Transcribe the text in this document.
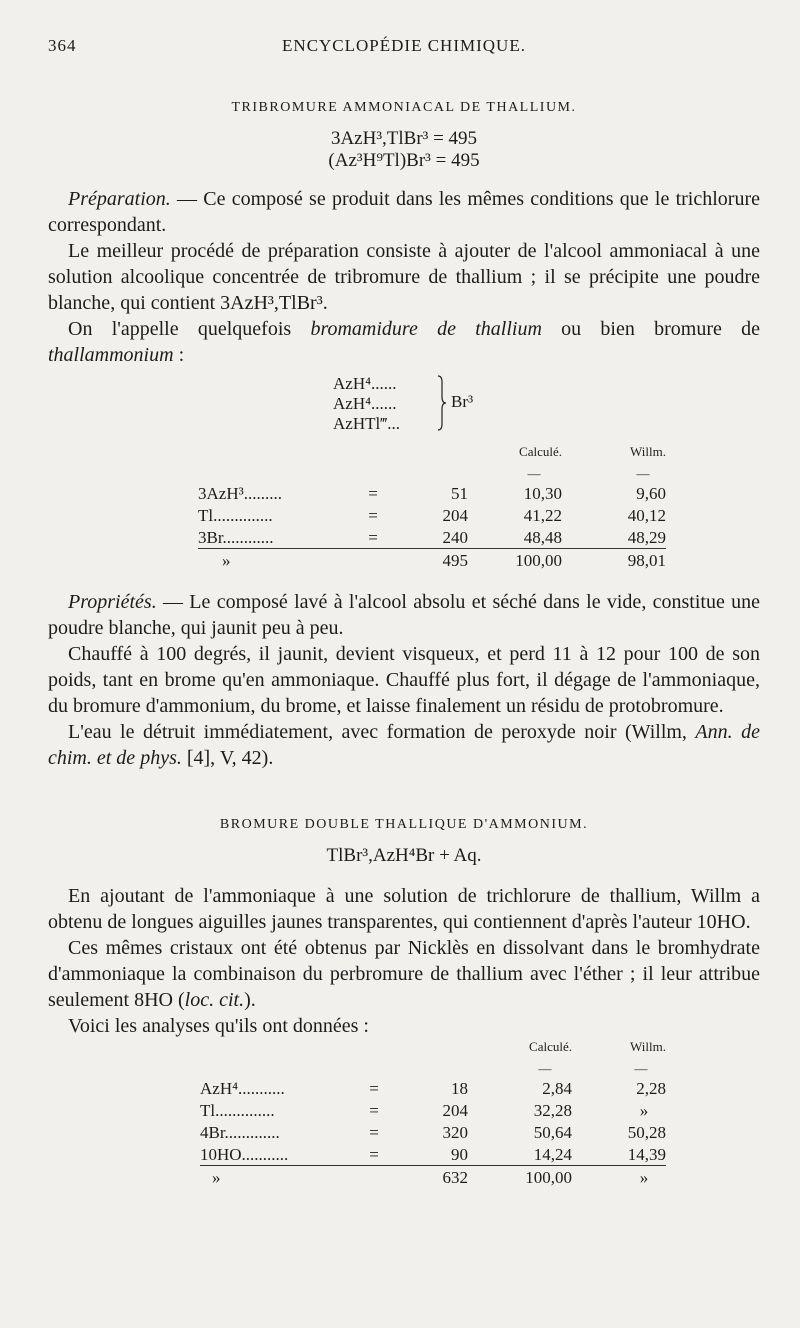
364	ENCYCLOPÉDIE CHIMIQUE.
TRIBROMURE AMMONIACAL DE THALLIUM.
3AzH³,TlBr³ = 495
(Az³H⁹Tl)Br³ = 495

Préparation. — Ce composé se produit dans les mêmes conditions que le trichlorure correspondant.

Le meilleur procédé de préparation consiste à ajouter de l'alcool ammoniacal à une solution alcoolique concentrée de tribromure de thallium ; il se précipite une poudre blanche, qui contient 3AzH³,TlBr³.

On l'appelle quelquefois bromamidure de thallium ou bien bromure de thallammonium :

AzH⁴......
AzH⁴......
AzHTl‴...
Br³
			Calculé.	Willm.
			—	—
3AzH³.........	=	51	10,30	9,60
Tl..............	=	204	41,22	40,12
3Br............	=	240	48,48	48,29
»		495	100,00	98,01

Propriétés. — Le composé lavé à l'alcool absolu et séché dans le vide, constitue une poudre blanche, qui jaunit peu à peu.

Chauffé à 100 degrés, il jaunit, devient visqueux, et perd 11 à 12 pour 100 de son poids, tant en brome qu'en ammoniaque. Chauffé plus fort, il dégage de l'ammoniaque, du bromure d'ammonium, du brome, et laisse finalement un résidu de protobromure.

L'eau le détruit immédiatement, avec formation de peroxyde noir (Willm, Ann. de chim. et de phys. [4], V, 42).

BROMURE DOUBLE THALLIQUE D'AMMONIUM.
TlBr³,AzH⁴Br + Aq.

En ajoutant de l'ammoniaque à une solution de trichlorure de thallium, Willm a obtenu de longues aiguilles jaunes transparentes, qui contiennent d'après l'auteur 10HO.

Ces mêmes cristaux ont été obtenus par Nicklès en dissolvant dans le bromhydrate d'ammoniaque la combinaison du perbromure de thallium avec l'éther ; il leur attribue seulement 8HO (loc. cit.).

Voici les analyses qu'ils ont données :

			Calculé.	Willm.
			—	—
AzH⁴...........	=	18	2,84	2,28
Tl..............	=	204	32,28	»
4Br.............	=	320	50,64	50,28
10HO...........	=	90	14,24	14,39
»		632	100,00	»
